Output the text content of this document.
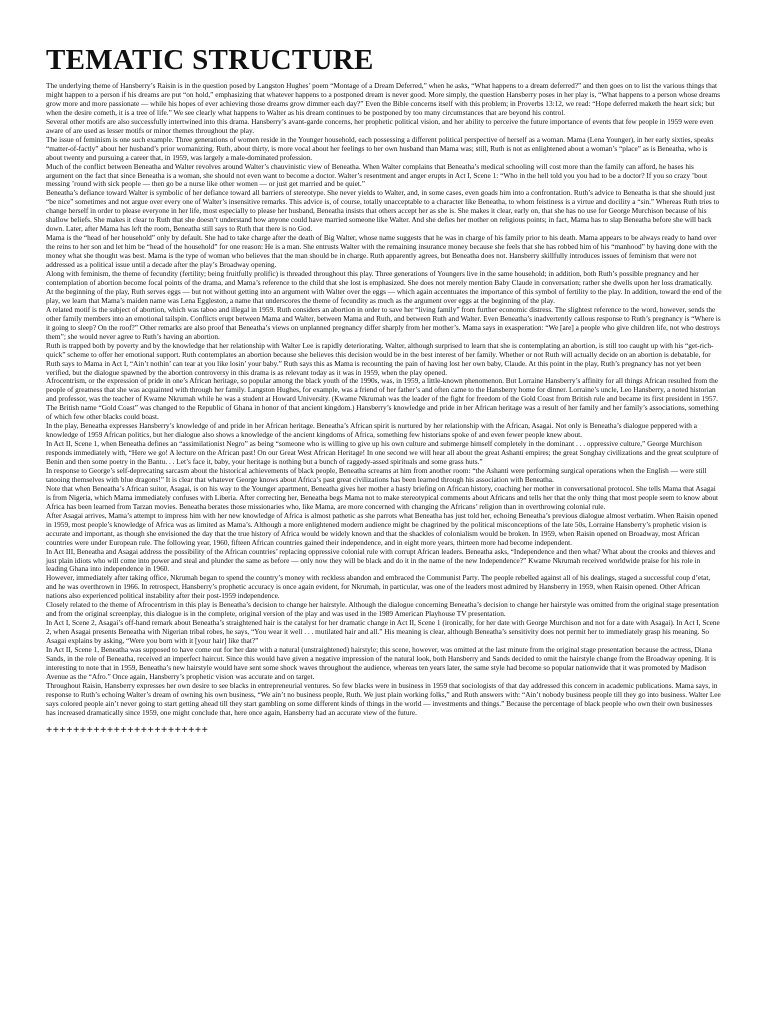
TEMATIC STRUCTURE

The underlying theme of Hansberry’s Raisin is in the question posed by Langston Hughes’ poem “Montage of a Dream Deferred,” when he asks, “What happens to a dream deferred?” and then goes on to list the various things that might happen to a person if his dreams are put “on hold,” emphasizing that whatever happens to a postponed dream is never good. More simply, the question Hansberry poses in her play is, “What happens to a person whose dreams grow more and more passionate — while his hopes of ever achieving those dreams grow dimmer each day?” Even the Bible concerns itself with this problem; in Proverbs 13:12, we read: “Hope deferred maketh the heart sick; but when the desire cometh, it is a tree of life.” We see clearly what happens to Walter as his dream continues to be postponed by too many circumstances that are beyond his control.

Several other motifs are also successfully intertwined into this drama. Hansberry’s avant-garde concerns, her prophetic political vision, and her ability to perceive the future importance of events that few people in 1959 were even aware of are used as lesser motifs or minor themes throughout the play.

The issue of feminism is one such example. Three generations of women reside in the Younger household, each possessing a different political perspective of herself as a woman. Mama (Lena Younger), in her early sixties, speaks “matter-of-factly” about her husband’s prior womanizing. Ruth, about thirty, is more vocal about her feelings to her own husband than Mama was; still, Ruth is not as enlightened about a woman’s “place” as is Beneatha, who is about twenty and pursuing a career that, in 1959, was largely a male-dominated profession.

Much of the conflict between Beneatha and Walter revolves around Walter’s chauvinistic view of Beneatha. When Walter complains that Beneatha’s medical schooling will cost more than the family can afford, he bases his argument on the fact that since Beneatha is a woman, she should not even want to become a doctor. Walter’s resentment and anger erupts in Act I, Scene 1: “Who in the hell told you you had to be a doctor? If you so crazy ’bout messing ’round with sick people — then go be a nurse like other women — or just get married and be quiet.”

Beneatha’s defiance toward Walter is symbolic of her defiance toward all barriers of stereotype. She never yields to Walter, and, in some cases, even goads him into a confrontation. Ruth’s advice to Beneatha is that she should just “be nice” sometimes and not argue over every one of Walter’s insensitive remarks. This advice is, of course, totally unacceptable to a character like Beneatha, to whom feistiness is a virtue and docility a “sin.” Whereas Ruth tries to change herself in order to please everyone in her life, most especially to please her husband, Beneatha insists that others accept her as she is. She makes it clear, early on, that she has no use for George Murchison because of his shallow beliefs. She makes it clear to Ruth that she doesn’t understand how anyone could have married someone like Walter. And she defies her mother on religious points; in fact, Mama has to slap Beneatha before she will back down. Later, after Mama has left the room, Beneatha still says to Ruth that there is no God.

Mama is the “head of her household” only by default. She had to take charge after the death of Big Walter, whose name suggests that he was in charge of his family prior to his death. Mama appears to be always ready to hand over the reins to her son and let him be “head of the household” for one reason: He is a man. She entrusts Walter with the remaining insurance money because she feels that she has robbed him of his “manhood” by having done with the money what she thought was best. Mama is the type of woman who believes that the man should be in charge. Ruth apparently agrees, but Beneatha does not. Hansberry skillfully introduces issues of feminism that were not addressed as a political issue until a decade after the play’s Broadway opening.

Along with feminism, the theme of fecundity (fertility; being fruitfully prolific) is threaded throughout this play. Three generations of Youngers live in the same household; in addition, both Ruth’s possible pregnancy and her contemplation of abortion become focal points of the drama, and Mama’s reference to the child that she lost is emphasized. She does not merely mention Baby Claude in conversation; rather she dwells upon her loss dramatically.

At the beginning of the play, Ruth serves eggs — but not without getting into an argument with Walter over the eggs — which again accentuates the importance of this symbol of fertility to the play. In addition, toward the end of the play, we learn that Mama’s maiden name was Lena Eggleston, a name that underscores the theme of fecundity as much as the argument over eggs at the beginning of the play.

A related motif is the subject of abortion, which was taboo and illegal in 1959. Ruth considers an abortion in order to save her “living family” from further economic distress. The slightest reference to the word, however, sends the other family members into an emotional tailspin. Conflicts erupt between Mama and Walter, between Mama and Ruth, and between Ruth and Walter. Even Beneatha’s inadvertently callous response to Ruth’s pregnancy is “Where is it going to sleep? On the roof?” Other remarks are also proof that Beneatha’s views on unplanned pregnancy differ sharply from her mother’s. Mama says in exasperation: “We [are] a people who give children life, not who destroys them”; she would never agree to Ruth’s having an abortion.

Ruth is trapped both by poverty and by the knowledge that her relationship with Walter Lee is rapidly deteriorating. Walter, although surprised to learn that she is contemplating an abortion, is still too caught up with his “get-rich-quick” scheme to offer her emotional support. Ruth contemplates an abortion because she believes this decision would be in the best interest of her family. Whether or not Ruth will actually decide on an abortion is debatable, for Ruth says to Mama in Act I, “Ain’t nothin’ can tear at you like losin’ your baby.” Ruth says this as Mama is recounting the pain of having lost her own baby, Claude. At this point in the play, Ruth’s pregnancy has not yet been verified, but the dialogue spawned by the abortion controversy in this drama is as relevant today as it was in 1959, when the play opened.

Afrocentrism, or the expression of pride in one’s African heritage, so popular among the black youth of the 1990s, was, in 1959, a little-known phenomenon. But Lorraine Hansberry’s affinity for all things African resulted from the people of greatness that she was acquainted with through her family. Langston Hughes, for example, was a friend of her father’s and often came to the Hansberry home for dinner. Lorraine’s uncle, Leo Hansberry, a noted historian and professor, was the teacher of Kwame Nkrumah while he was a student at Howard University. (Kwame Nkrumah was the leader of the fight for freedom of the Gold Coast from British rule and became its first president in 1957. The British name “Gold Coast” was changed to the Republic of Ghana in honor of that ancient kingdom.) Hansberry’s knowledge and pride in her African heritage was a result of her family and her family’s associations, something of which few other blacks could boast.

In the play, Beneatha expresses Hansberry’s knowledge of and pride in her African heritage. Beneatha’s African spirit is nurtured by her relationship with the African, Asagai. Not only is Beneatha’s dialogue peppered with a knowledge of 1959 African politics, but her dialogue also shows a knowledge of the ancient kingdoms of Africa, something few historians spoke of and even fewer people knew about.

In Act II, Scene 1, when Beneatha defines an “assimilationist Negro” as being “someone who is willing to give up his own culture and submerge himself completely in the dominant . . . oppressive culture,” George Murchison responds immediately with, “Here we go! A lecture on the African past! On our Great West African Heritage! In one second we will hear all about the great Ashanti empires; the great Songhay civilizations and the great sculpture of Benin and then some poetry in the Bantu. . . Let’s face it, baby, your heritage is nothing but a bunch of raggedy-assed spirituals and some grass huts.”

In response to George’s self-deprecating sarcasm about the historical achievements of black people, Beneatha screams at him from another room: “the Ashanti were performing surgical operations when the English — were still tatooing themselves with blue dragons!” It is clear that whatever George knows about Africa’s past great civilizations has been learned through his association with Beneatha.

Note that when Beneatha’s African suitor, Asagai, is on his way to the Younger apartment, Beneatha gives her mother a hasty briefing on African history, coaching her mother in conversational protocol. She tells Mama that Asagai is from Nigeria, which Mama immediately confuses with Liberia. After correcting her, Beneatha begs Mama not to make stereotypical comments about Africans and tells her that the only thing that most people seem to know about Africa has been learned from Tarzan movies. Beneatha berates those missionaries who, like Mama, are more concerned with changing the Africans’ religion than in overthrowing colonial rule.

After Asagai arrives, Mama’s attempt to impress him with her new knowledge of Africa is almost pathetic as she parrots what Beneatha has just told her, echoing Beneatha’s previous dialogue almost verbatim. When Raisin opened in 1959, most people’s knowledge of Africa was as limited as Mama’s. Although a more enlightened modern audience might be chagrined by the political misconceptions of the late 50s, Lorraine Hansberry’s prophetic vision is accurate and important, as though she envisioned the day that the true history of Africa would be widely known and that the shackles of colonialism would be broken. In 1959, when Raisin opened on Broadway, most African countries were under European rule. The following year, 1960, fifteen African countries gained their independence, and in eight more years, thirteen more had become independent.

In Act III, Beneatha and Asagai address the possibility of the African countries’ replacing oppressive colonial rule with corrupt African leaders. Beneatha asks, “Independence and then what? What about the crooks and thieves and just plain idiots who will come into power and steal and plunder the same as before — only now they will be black and do it in the name of the new Independence?” Kwame Nkrumah received worldwide praise for his role in leading Ghana into independence in 1960.

However, immediately after taking office, Nkrumah began to spend the country’s money with reckless abandon and embraced the Communist Party. The people rebelled against all of his dealings, staged a successful coup d’etat, and he was overthrown in 1966. In retrospect, Hansberry’s prophetic accuracy is once again evident, for Nkrumah, in particular, was one of the leaders most admired by Hansberry in 1959, when Raisin opened. Other African nations also experienced political instability after their post-1959 independence.

Closely related to the theme of Afrocentrism in this play is Beneatha’s decision to change her hairstyle. Although the dialogue concerning Beneatha’s decision to change her hairstyle was omitted from the original stage presentation and from the original screenplay, this dialogue is in the complete, original version of the play and was used in the 1989 American Playhouse TV presentation.

In Act I, Scene 2, Asagai’s off-hand remark about Beneatha’s straightened hair is the catalyst for her dramatic change in Act II, Scene 1 (ironically, for her date with George Murchison and not for a date with Asagai). In Act I, Scene 2, when Asagai presents Beneatha with Nigerian tribal robes, he says, “You wear it well . . . mutilated hair and all.” His meaning is clear, although Beneatha’s sensitivity does not permit her to immediately grasp his meaning. So Asagai explains by asking, “Were you born with it [your hair] like that?”

In Act II, Scene 1, Beneatha was supposed to have come out for her date with a natural (unstraightened) hairstyle; this scene, however, was omitted at the last minute from the original stage presentation because the actress, Diana Sands, in the role of Beneatha, received an imperfect haircut. Since this would have given a negative impression of the natural look, both Hansberry and Sands decided to omit the hairstyle change from the Broadway opening. It is interesting to note that in 1959, Beneatha’s new hairstyle would have sent some shock waves throughout the audience, whereas ten years later, the same style had become so popular nationwide that it was promoted by Madison Avenue as the “Afro.” Once again, Hansberry’s prophetic vision was accurate and on target.

Throughout Raisin, Hansberry expresses her own desire to see blacks in entrepreneurial ventures. So few blacks were in business in 1959 that sociologists of that day addressed this concern in academic publications. Mama says, in response to Ruth’s echoing Walter’s dream of owning his own business, “We ain’t no business people, Ruth. We just plain working folks,” and Ruth answers with: “Ain’t nobody business people till they go into business. Walter Lee says colored people ain’t never going to start getting ahead till they start gambling on some different kinds of things in the world — investments and things.” Because the percentage of black people who own their own businesses has increased dramatically since 1959, one might conclude that, here once again, Hansberry had an accurate view of the future.

++++++++++++++++++++++++
